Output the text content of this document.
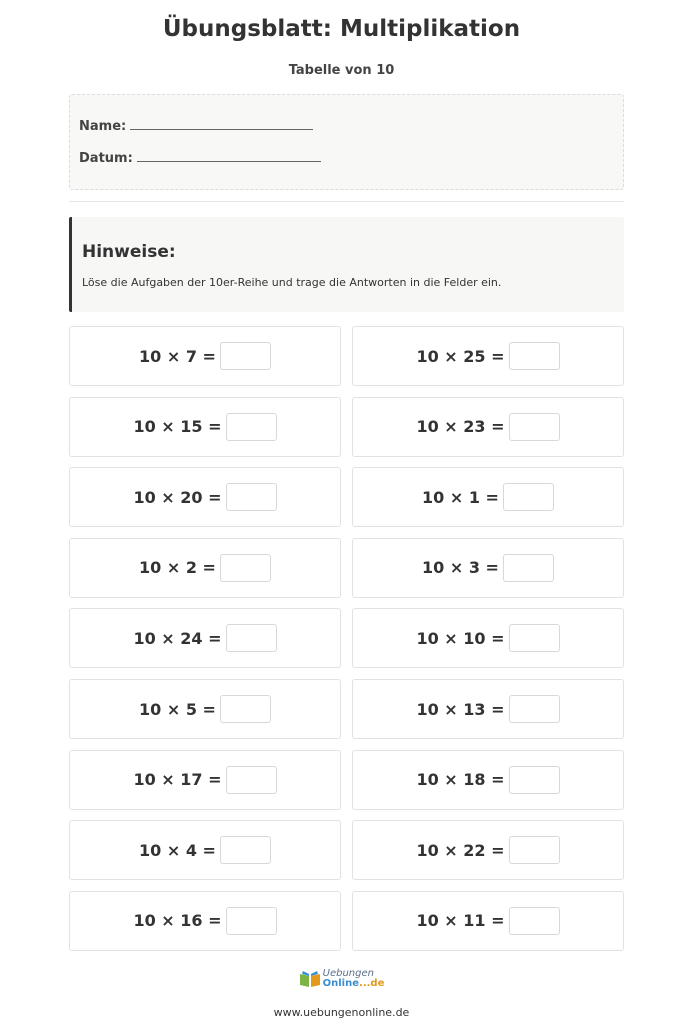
Übungsblatt: Multiplikation
Tabelle von 10
Name:
Datum:
Hinweise:
Löse die Aufgaben der 10er-Reihe und trage die Antworten in die Felder ein.
10 × 7 =	10 × 25 =
10 × 15 =	10 × 23 =
10 × 20 =	10 × 1 =
10 × 2 =	10 × 3 =
10 × 24 =	10 × 10 =
10 × 5 =	10 × 13 =
10 × 17 =	10 × 18 =
10 × 4 =	10 × 22 =
10 × 16 =	10 × 11 =
Uebungen
Online...de
www.uebungenonline.de
